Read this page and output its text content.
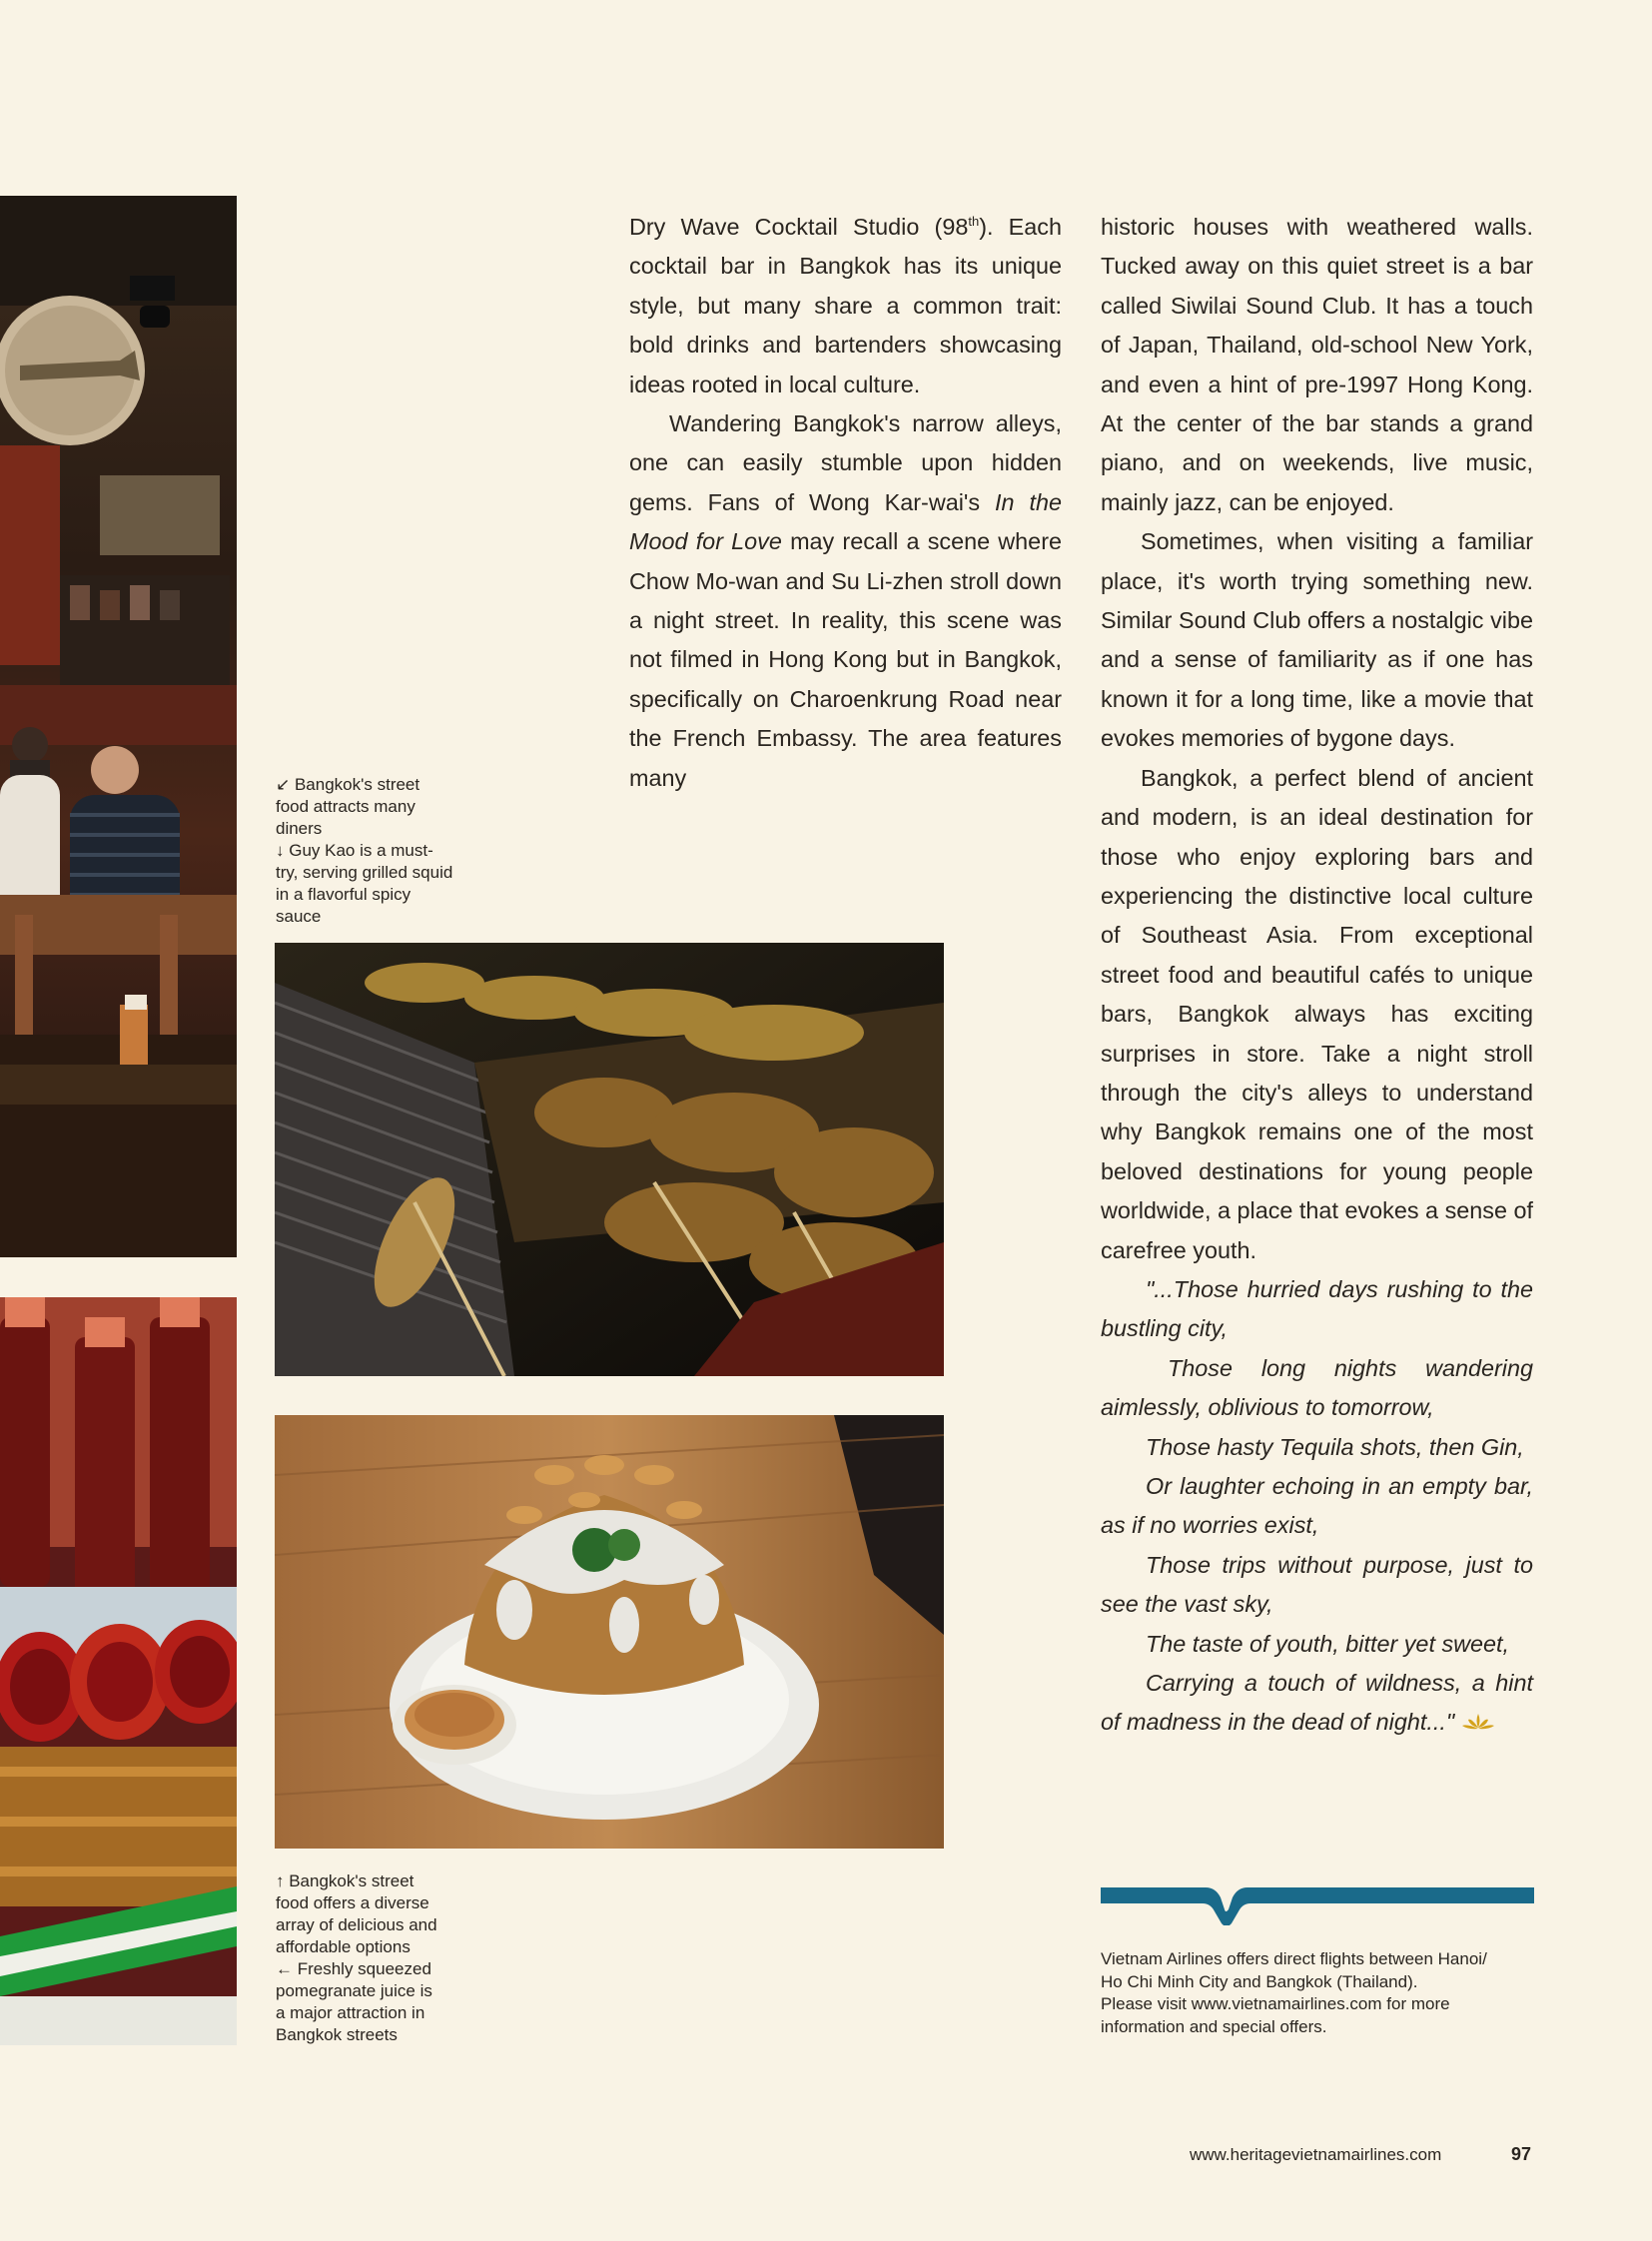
↙ Bangkok's street
food attracts many
diners
↓ Guy Kao is a must-
try, serving grilled squid
in a flavorful spicy
sauce
↑ Bangkok's street
food offers a diverse
array of delicious and
affordable options
← Freshly squeezed
pomegranate juice is
a major attraction in
Bangkok streets

Dry Wave Cocktail Studio (98th). Each cocktail bar in Bangkok has its unique style, but many share a common trait: bold drinks and bartenders showcasing ideas rooted in local culture.

Wandering Bangkok's narrow alleys, one can easily stumble upon hidden gems. Fans of Wong Kar-wai's In the Mood for Love may recall a scene where Chow Mo-wan and Su Li-zhen stroll down a night street. In reality, this scene was not filmed in Hong Kong but in Bangkok, specifically on Charoenkrung Road near the French Embassy. The area features many

historic houses with weathered walls. Tucked away on this quiet street is a bar called Siwilai Sound Club. It has a touch of Japan, Thailand, old-school New York, and even a hint of pre-1997 Hong Kong. At the center of the bar stands a grand piano, and on weekends, live music, mainly jazz, can be enjoyed.

Sometimes, when visiting a familiar place, it's worth trying something new. Similar Sound Club offers a nostalgic vibe and a sense of familiarity as if one has known it for a long time, like a movie that evokes memories of bygone days.

Bangkok, a perfect blend of ancient and modern, is an ideal destination for those who enjoy exploring bars and experiencing the distinctive local culture of Southeast Asia. From exceptional street food and beautiful cafés to unique bars, Bangkok always has exciting surprises in store. Take a night stroll through the city's alleys to understand why Bangkok remains one of the most beloved destinations for young people worldwide, a place that evokes a sense of carefree youth.

"...Those hurried days rushing to the bustling city,

Those long nights wandering aimlessly, oblivious to tomorrow,

Those hasty Tequila shots, then Gin,

Or laughter echoing in an empty bar, as if no worries exist,

Those trips without purpose, just to see the vast sky,

The taste of youth, bitter yet sweet,

Carrying a touch of wildness, a hint of madness in the dead of night..."

Vietnam Airlines offers direct flights between Hanoi/
Ho Chi Minh City and Bangkok (Thailand).
Please visit www.vietnamairlines.com for more
information and special offers.
www.heritagevietnamairlines.com	97
